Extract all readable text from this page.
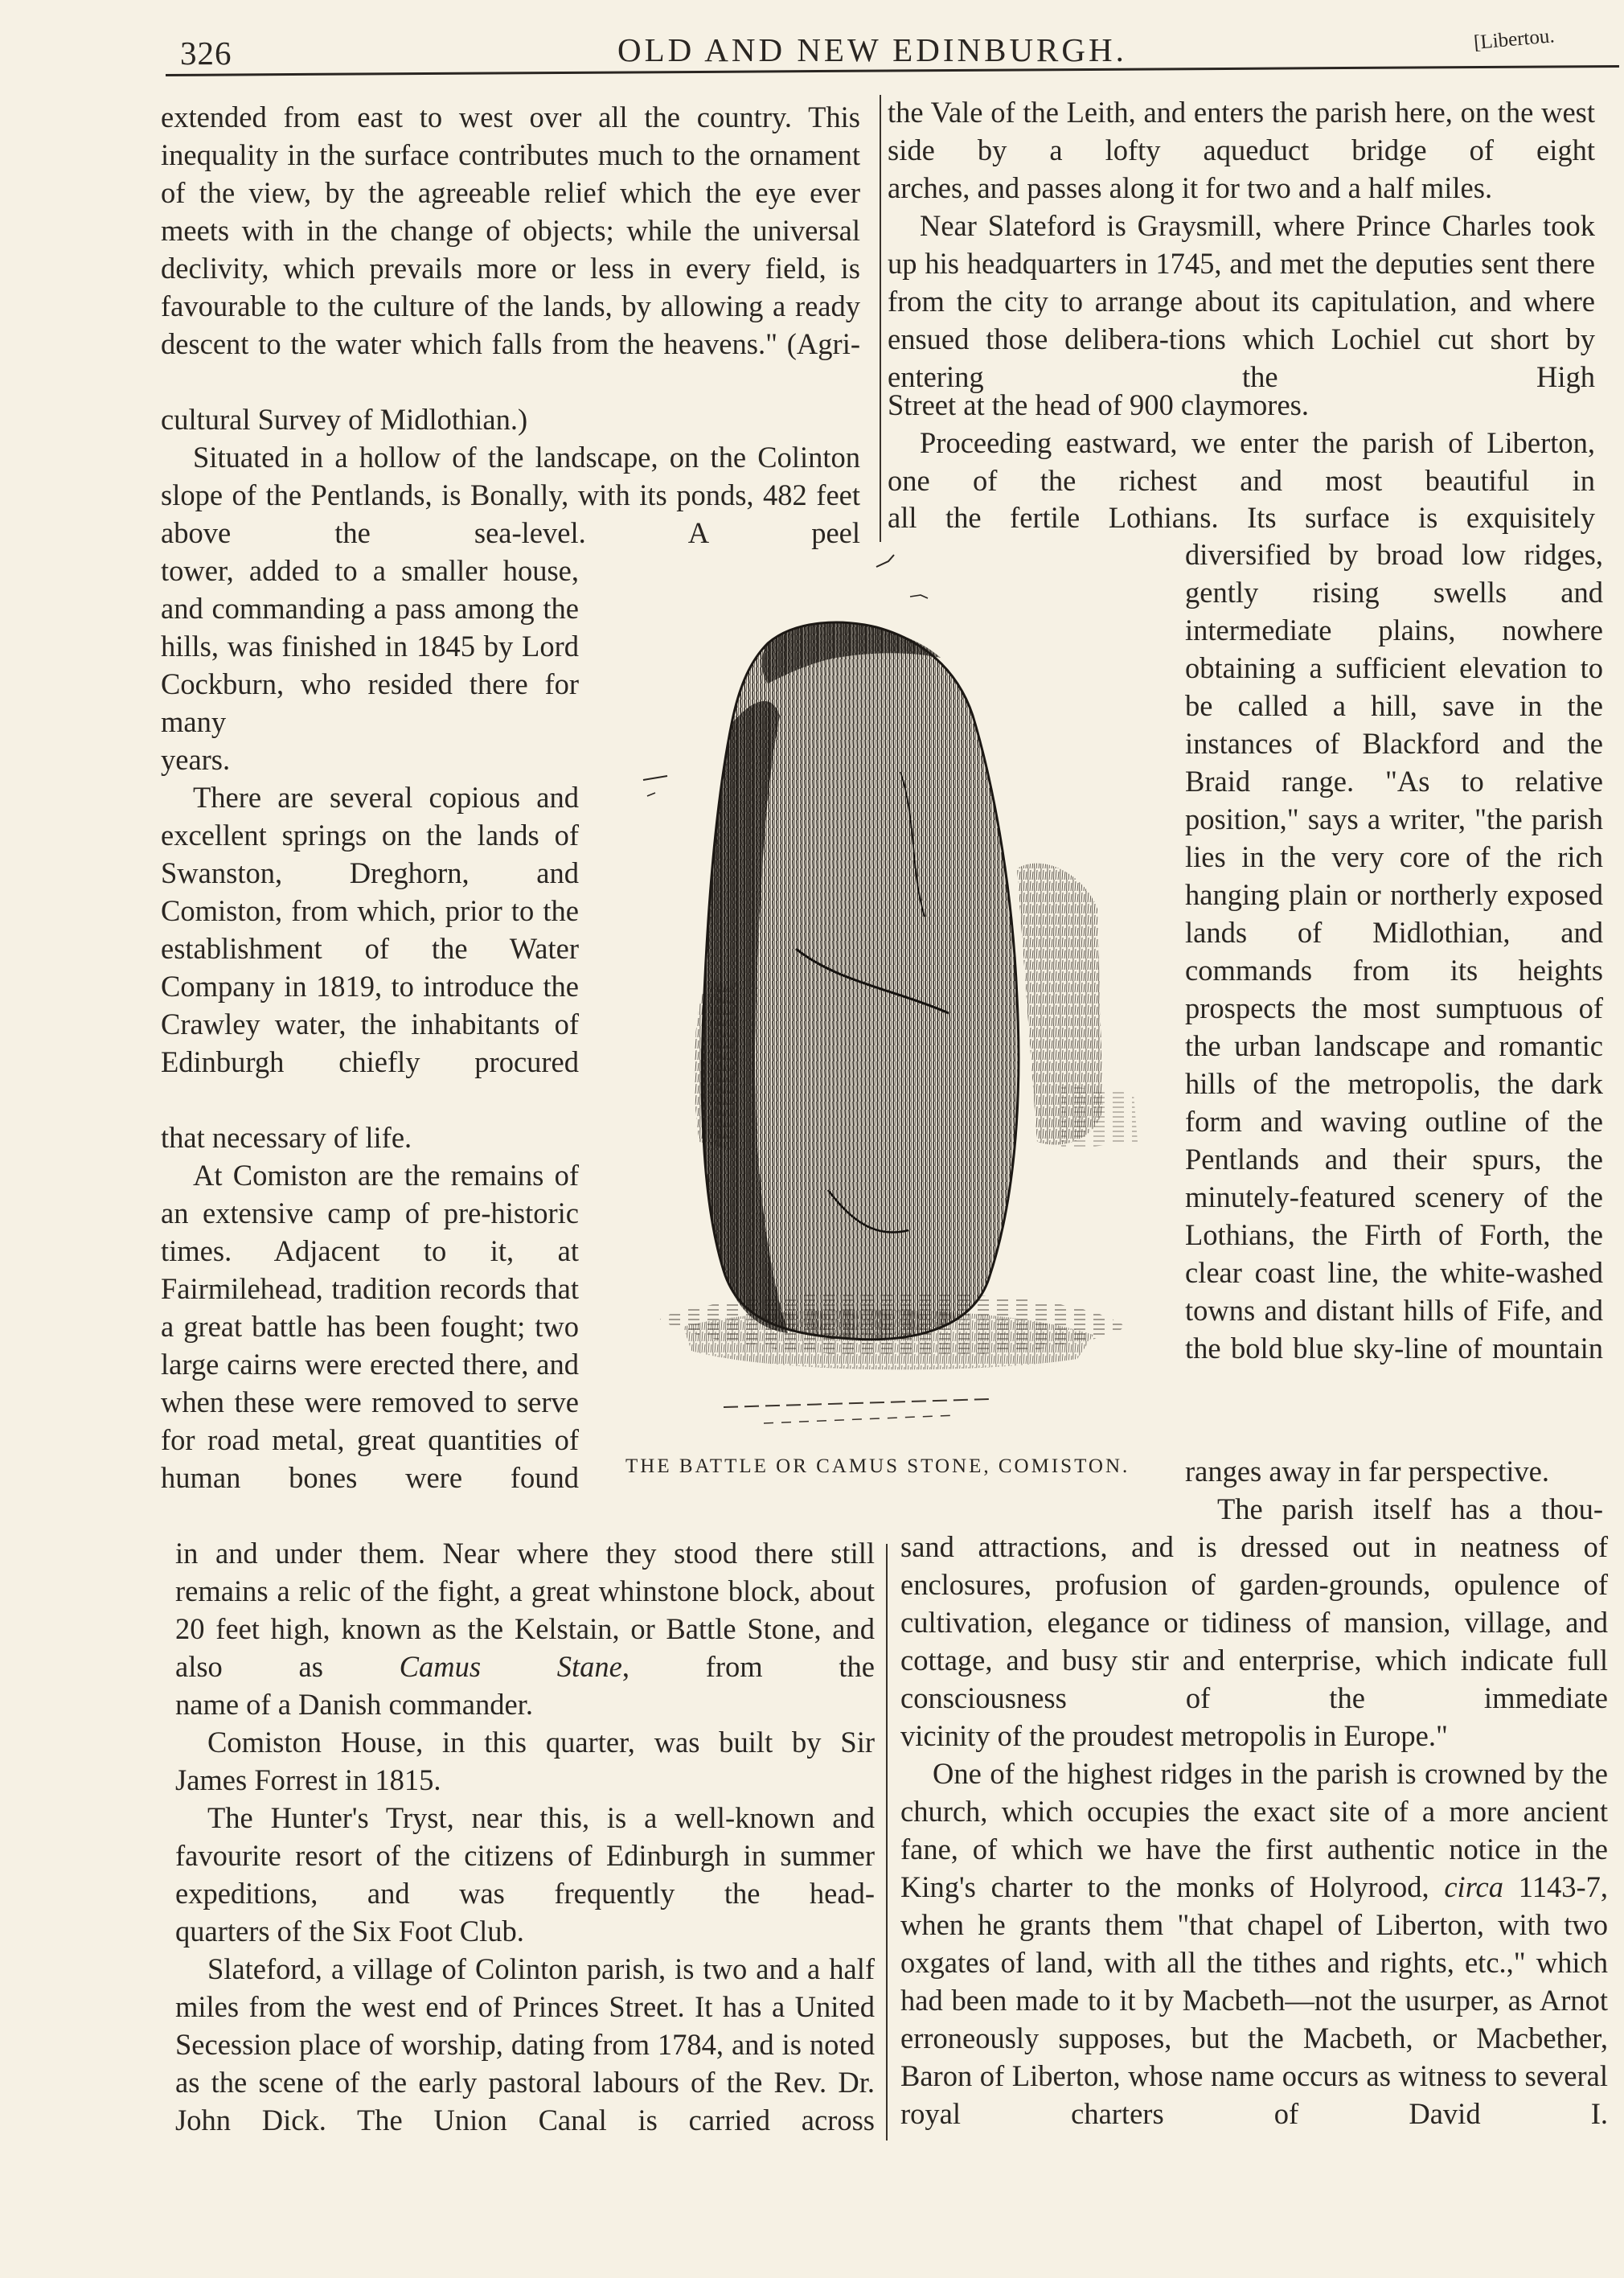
326	OLD AND NEW EDINBURGH.	[Libertou.
extended from east to west over all the country. This inequality in the surface contributes much to the ornament of the view, by the agreeable relief which the eye ever meets with in the change of objects; while the universal declivity, which prevails more or less in every field, is favourable to the culture of the lands, by allowing a ready descent to the water which falls from the heavens." (Agri-
cultural Survey of Midlothian.)
Situated in a hollow of the landscape, on the Colinton slope of the Pentlands, is Bonally, with its ponds, 482 feet above the sea-level. A peel
tower, added to a smaller house, and commanding a pass among the hills, was finished in 1845 by Lord Cockburn, who resided there for many
years.
There are several copious and excellent springs on the lands of Swanston, Dreghorn, and Comiston, from which, prior to the establishment of the Water Company in 1819, to introduce the Crawley water, the inhabitants of Edinburgh chiefly procured
that necessary of life.
At Comiston are the remains of an extensive camp of pre-historic times. Adjacent to it, at Fairmilehead, tradition records that a great battle has been fought; two large cairns were erected there, and when these were removed to serve for road metal, great quantities of human bones were found
in and under them. Near where they stood there still remains a relic of the fight, a great whinstone block, about 20 feet high, known as the Kelstain, or Battle Stone, and also as Camus Stane, from the
name of a Danish commander.
Comiston House, in this quarter, was built by Sir
James Forrest in 1815.
The Hunter's Tryst, near this, is a well-known and favourite resort of the citizens of Edinburgh in summer expeditions, and was frequently the head-
quarters of the Six Foot Club.
Slateford, a village of Colinton parish, is two and a half miles from the west end of Princes Street. It has a United Secession place of worship, dating from 1784, and is noted as the scene of the early pastoral labours of the Rev. Dr. John Dick. The Union Canal is carried across
the Vale of the Leith, and enters the parish here, on the west side by a lofty aqueduct bridge of eight
arches, and passes along it for two and a half miles.
Near Slateford is Graysmill, where Prince Charles took up his headquarters in 1745, and met the deputies sent there from the city to arrange about its capitulation, and where ensued those delibera-tions which Lochiel cut short by entering the High
Street at the head of 900 claymores.
Proceeding eastward, we enter the parish of Liberton, one of the richest and most beautiful in
all the fertile Lothians. Its surface is exquisitely
diversified by broad low ridges, gently rising swells and intermediate plains, nowhere obtaining a sufficient elevation to be called a hill, save in the instances of Blackford and the Braid range. "As to relative position," says a writer, "the parish lies in the very core of the rich hanging plain or northerly exposed lands of Midlothian, and commands from its heights prospects the most sumptuous of the urban landscape and romantic hills of the metropolis, the dark form and waving outline of the Pentlands and their spurs, the minutely-featured scenery of the Lothians, the Firth of Forth, the clear coast line, the white-washed towns and distant hills of Fife, and the bold blue sky-line of mountain
ranges away in far perspective.
The parish itself has a thou-
sand attractions, and is dressed out in neatness of enclosures, profusion of garden-grounds, opulence of cultivation, elegance or tidiness of mansion, village, and cottage, and busy stir and enterprise, which indicate full consciousness of the immediate
vicinity of the proudest metropolis in Europe."
One of the highest ridges in the parish is crowned by the church, which occupies the exact site of a more ancient fane, of which we have the first authentic notice in the King's charter to the monks of Holyrood, circa 1143-7, when he grants them "that chapel of Liberton, with two oxgates of land, with all the tithes and rights, etc.," which had been made to it by Macbeth—not the usurper, as Arnot erroneously supposes, but the Macbeth, or Macbether, Baron of Liberton, whose name occurs as witness to several royal charters of David I.
THE BATTLE OR CAMUS STONE, COMISTON.
